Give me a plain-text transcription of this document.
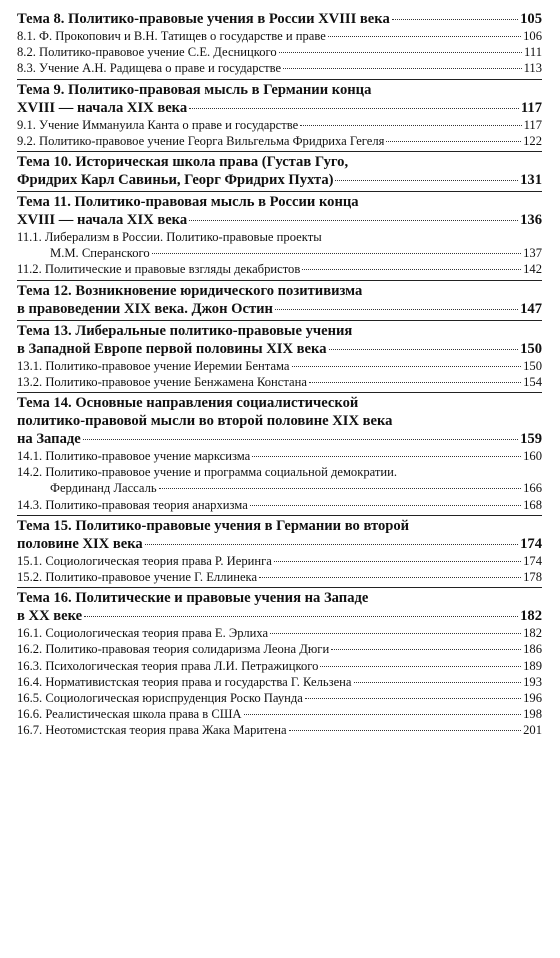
Тема 8. Политико-правовые учения в России XVIII века	105
8.1. Ф. Прокопович и В.Н. Татищев о государстве и праве	106
8.2. Политико-правовое учение С.Е. Десницкого	111
8.3. Учение А.Н. Радищева о праве и государстве	113
Тема 9. Политико-правовая мысль в Германии конца
XVIII — начала XIX века	117
9.1. Учение Иммануила Канта о праве и государстве	117
9.2. Политико-правовое учение Георга Вильгельма Фридриха Гегеля	122
Тема 10. Историческая школа права (Густав Гуго,
Фридрих Карл Савиньи, Георг Фридрих Пухта)	131
Тема 11. Политико-правовая мысль в России конца
XVIII — начала XIX века	136
11.1. Либерализм в России. Политико-правовые проекты
М.М. Сперанского	137
11.2. Политические и правовые взгляды декабристов	142
Тема 12. Возникновение юридического позитивизма
в правоведении XIX века. Джон Остин	147
Тема 13. Либеральные политико-правовые учения
в Западной Европе первой половины XIX века	150
13.1. Политико-правовое учение Иеремии Бентама	150
13.2. Политико-правовое учение Бенжамена Констана	154
Тема 14. Основные направления социалистической
политико-правовой мысли во второй половине XIX века
на Западе	159
14.1. Политико-правовое учение марксизма	160
14.2. Политико-правовое учение и программа социальной демократии.
Фердинанд Лассаль	166
14.3. Политико-правовая теория анархизма	168
Тема 15. Политико-правовые учения в Германии во второй
половине XIX века	174
15.1. Социологическая теория права Р. Иеринга	174
15.2. Политико-правовое учение Г. Еллинека	178
Тема 16. Политические и правовые учения на Западе
в XX веке	182
16.1. Социологическая теория права Е. Эрлиха	182
16.2. Политико-правовая теория солидаризма Леона Дюги	186
16.3. Психологическая теория права Л.И. Петражицкого	189
16.4. Нормативистская теория права и государства Г. Кельзена	193
16.5. Социологическая юриспруденция Роско Паунда	196
16.6. Реалистическая школа права в США	198
16.7. Неотомистская теория права Жака Маритена	201
